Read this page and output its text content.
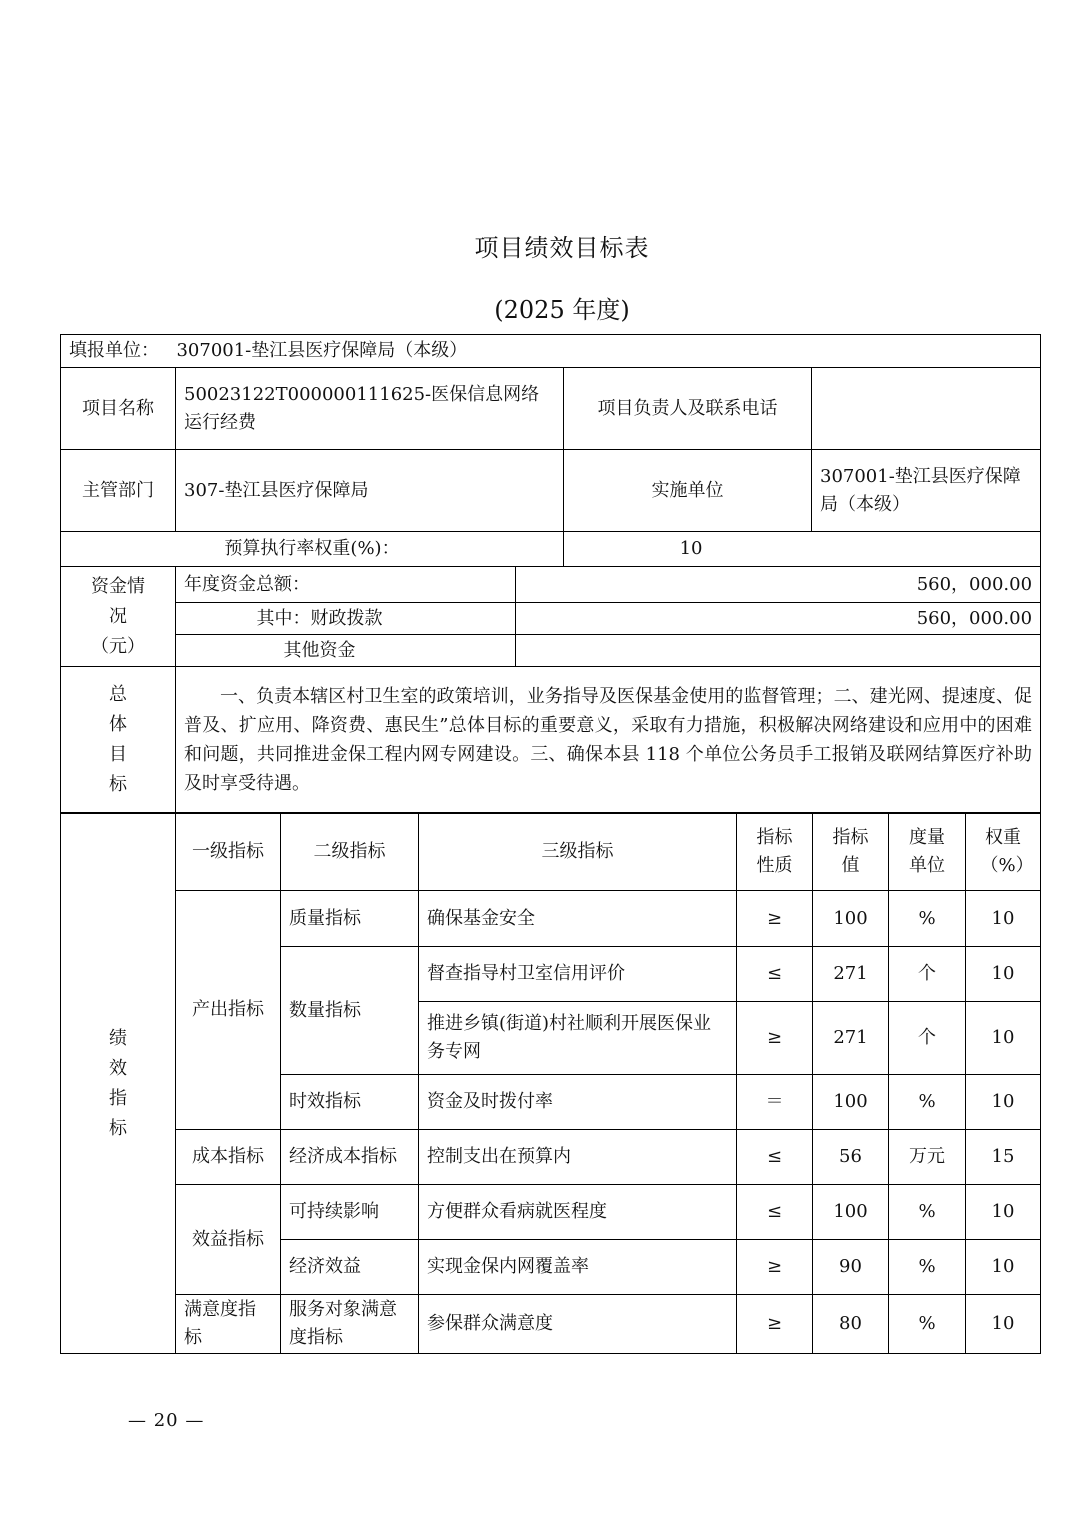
项目绩效目标表
(2025 年度)
填报单位： 307001-垫江县医疗保障局（本级）				
项目名称	50023122T000000111625-医保信息网络运行经费		项目负责人及联系电话	
主管部门	307-垫江县医疗保障局		实施单位	307001-垫江县医疗保障局（本级）
预算执行率权重(%)：			10	

资金情况（元）	年度资金总额：	560，000.00		
	其中：财政拨款	560，000.00		
	其他资金			

总体目标	一、负责本辖区村卫生室的政策培训，业务指导及医保基金使用的监督管理；二、建光网、提速度、促普及、扩应用、降资费、惠民生”总体目标的重要意义，采取有力措施，积极解决网络建设和应用中的困难和问题，共同推进金保工程内网专网建设。三、确保本县 118 个单位公务员手工报销及联网结算医疗补助及时享受待遇。			
绩效指标	一级指标	二级指标	三级指标	指标性质	指标值	度量单位	权重（%）

	产出指标	质量指标	确保基金安全	≥	100	%	10
		数量指标	督查指导村卫室信用评价	≤	271	个	10
			推进乡镇(街道)村社顺利开展医保业务专网	≥	271	个	10
		时效指标	资金及时拨付率	＝	100	%	10
	成本指标	经济成本指标	控制支出在预算内	≤	56	万元	15
	效益指标	可持续影响	方便群众看病就医程度	≤	100	%	10
		经济效益	实现金保内网覆盖率	≥	90	%	10
	满意度指标	服务对象满意度指标	参保群众满意度	≥	80	%	10
— 20 —
